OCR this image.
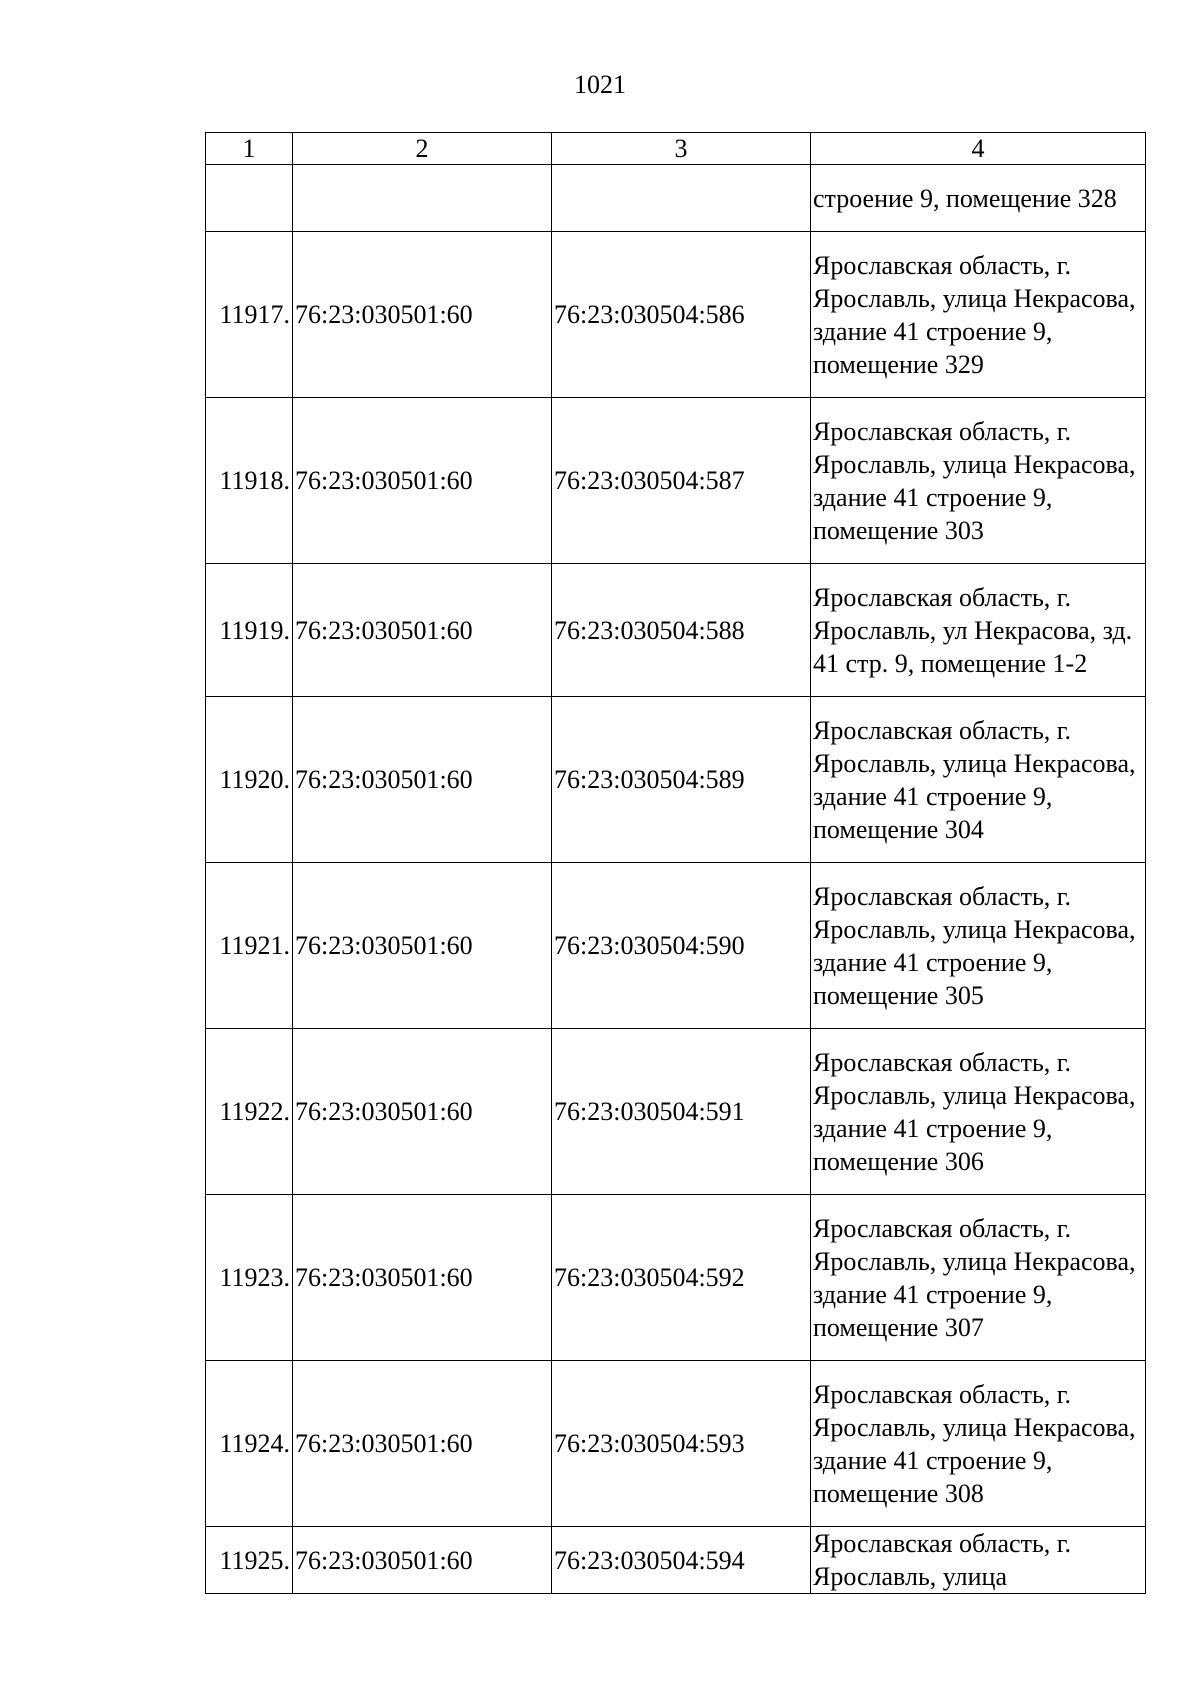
1021
1	2	3	4
			строение 9, помещение 328
11917.	76:23:030501:60	76:23:030504:586	Ярославская область, г. Ярославль, улица Некрасова, здание 41 строение 9, помещение 329
11918.	76:23:030501:60	76:23:030504:587	Ярославская область, г. Ярославль, улица Некрасова, здание 41 строение 9, помещение 303
11919.	76:23:030501:60	76:23:030504:588	Ярославская область, г. Ярославль, ул Некрасова, зд. 41 стр. 9, помещение 1-2
11920.	76:23:030501:60	76:23:030504:589	Ярославская область, г. Ярославль, улица Некрасова, здание 41 строение 9, помещение 304
11921.	76:23:030501:60	76:23:030504:590	Ярославская область, г. Ярославль, улица Некрасова, здание 41 строение 9, помещение 305
11922.	76:23:030501:60	76:23:030504:591	Ярославская область, г. Ярославль, улица Некрасова, здание 41 строение 9, помещение 306
11923.	76:23:030501:60	76:23:030504:592	Ярославская область, г. Ярославль, улица Некрасова, здание 41 строение 9, помещение 307
11924.	76:23:030501:60	76:23:030504:593	Ярославская область, г. Ярославль, улица Некрасова, здание 41 строение 9, помещение 308
11925.	76:23:030501:60	76:23:030504:594	Ярославская область, г. Ярославль, улица
